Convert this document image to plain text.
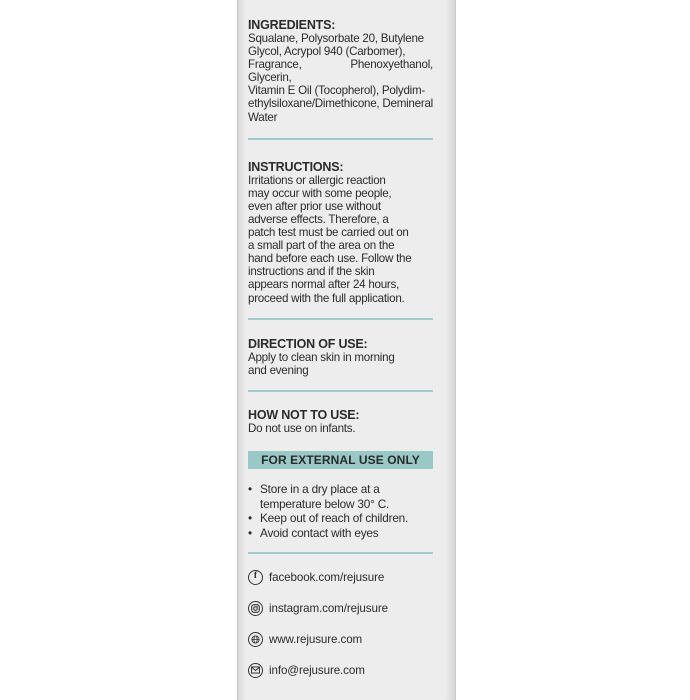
INGREDIENTS:
Squalane, Polysorbate 20, Butylene
Glycol, Acrypol 940 (Carbomer),
Fragrance, Phenoxyethanol, Glycerin,
Vitamin E Oil (Tocopherol), Polydim-
ethylsiloxane/Dimethicone, Demineral
Water
INSTRUCTIONS:
Irritations or allergic reaction
may occur with some people,
even after prior use without
adverse effects. Therefore, a
patch test must be carried out on
a small part of the area on the
hand before each use. Follow the
instructions and if the skin
appears normal after 24 hours,
proceed with the full application.
DIRECTION OF USE:
Apply to clean skin in morning
and evening
HOW NOT TO USE:
Do not use on infants.
FOR EXTERNAL USE ONLY
• Store in a dry place at a
temperature below 30° C.
• Keep out of reach of children.
• Avoid contact with eyes
f facebook.com/rejusure
instagram.com/rejusure
www.rejusure.com
info@rejusure.com
